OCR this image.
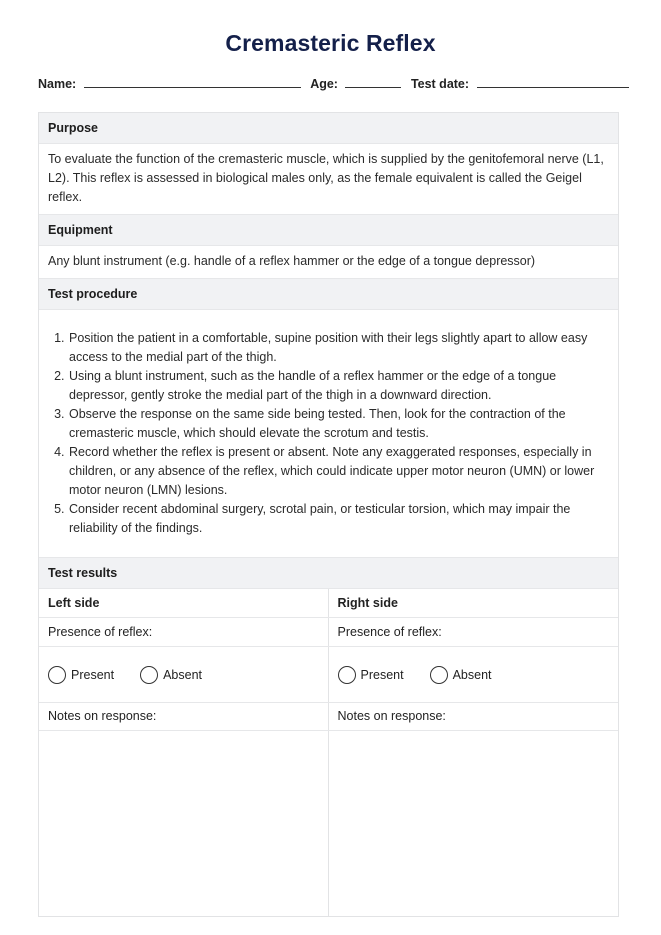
Cremasteric Reflex
Name:	Age:	Test date:
Purpose
To evaluate the function of the cremasteric muscle, which is supplied by the genitofemoral nerve (L1, L2). This reflex is assessed in biological males only, as the female equivalent is called the Geigel reflex.
Equipment
Any blunt instrument (e.g. handle of a reflex hammer or the edge of a tongue depressor)
Test procedure
1. Position the patient in a comfortable, supine position with their legs slightly apart to allow easy access to the medial part of the thigh.
2. Using a blunt instrument, such as the handle of a reflex hammer or the edge of a tongue depressor, gently stroke the medial part of the thigh in a downward direction.
3. Observe the response on the same side being tested. Then, look for the contraction of the cremasteric muscle, which should elevate the scrotum and testis.
4. Record whether the reflex is present or absent. Note any exaggerated responses, especially in children, or any absence of the reflex, which could indicate upper motor neuron (UMN) or lower motor neuron (LMN) lesions.
5. Consider recent abdominal surgery, scrotal pain, or testicular torsion, which may impair the reliability of the findings.
Test results
Left side	Right side
Presence of reflex:	Presence of reflex:
Present	Absent	Present	Absent
Notes on response:	Notes on response:
